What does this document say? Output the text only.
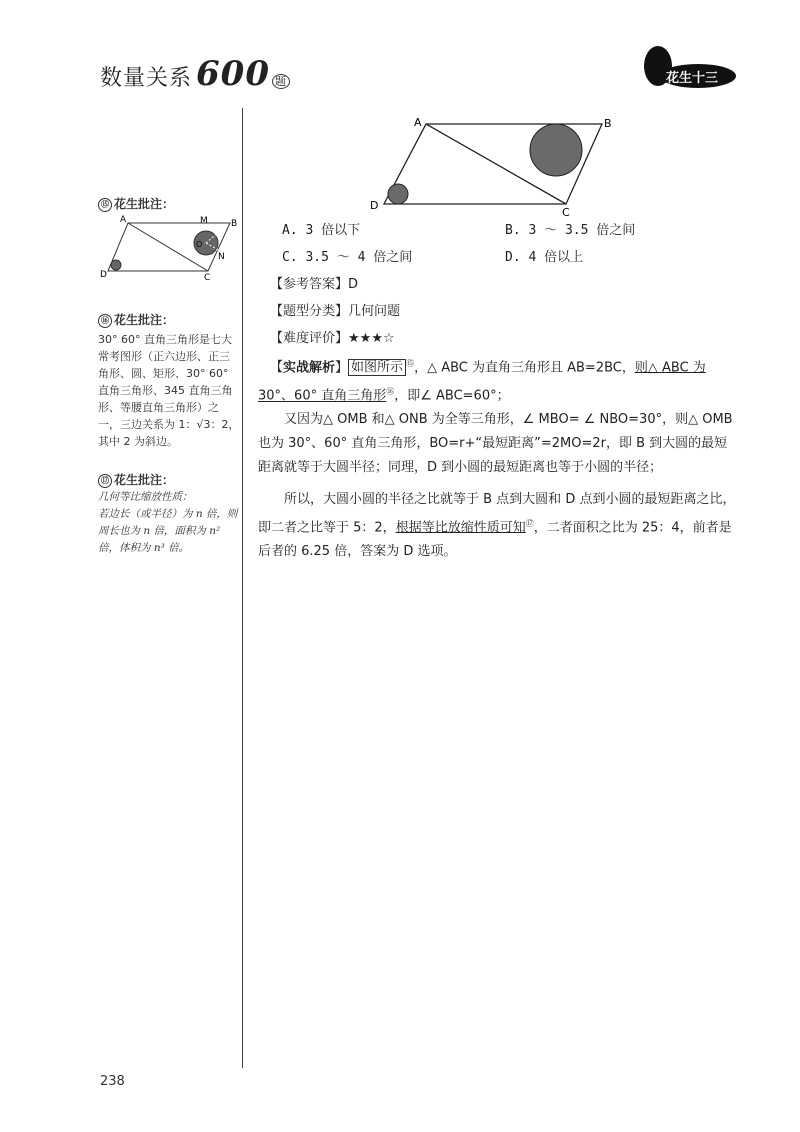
数量关系 600 题	花生十三
⑮ 花生批注：
A	M	B
O
N
D	C
⑯ 花生批注：
30° 60° 直角三角形是七大常考图形（正六边形、正三角形、圆、矩形、30° 60° 直角三角形、345 直角三角形、等腰直角三角形）之一，三边关系为 1：√3：2，其中 2 为斜边。
⑰ 花生批注：
几何等比缩放性质：
若边长（或半径）为 n 倍，则周长也为 n 倍，面积为 n² 倍，体积为 n³ 倍。
A	B
C
D
A. 3 倍以下	B. 3 ～ 3.5 倍之间
C. 3.5 ～ 4 倍之间	D. 4 倍以上
【参考答案】D
【题型分类】几何问题
【难度评价】★★★☆
【实战解析】 如图所示 ⑮，△ ABC 为直角三角形且 AB=2BC，则△ ABC 为30°、60° 直角三角形⑯，即∠ ABC=60°；
又因为△ OMB 和△ ONB 为全等三角形，∠ MBO= ∠ NBO=30°，则△ OMB 也为 30°、60° 直角三角形，BO=r+“最短距离”=2MO=2r，即 B 到大圆的最短距离就等于大圆半径；同理，D 到小圆的最短距离也等于小圆的半径；
所以，大圆小圆的半径之比就等于 B 点到大圆和 D 点到小圆的最短距离之比，即二者之比等于 5：2，根据等比放缩性质可知⑰，二者面积之比为 25：4，前者是后者的 6.25 倍，答案为 D 选项。
238
